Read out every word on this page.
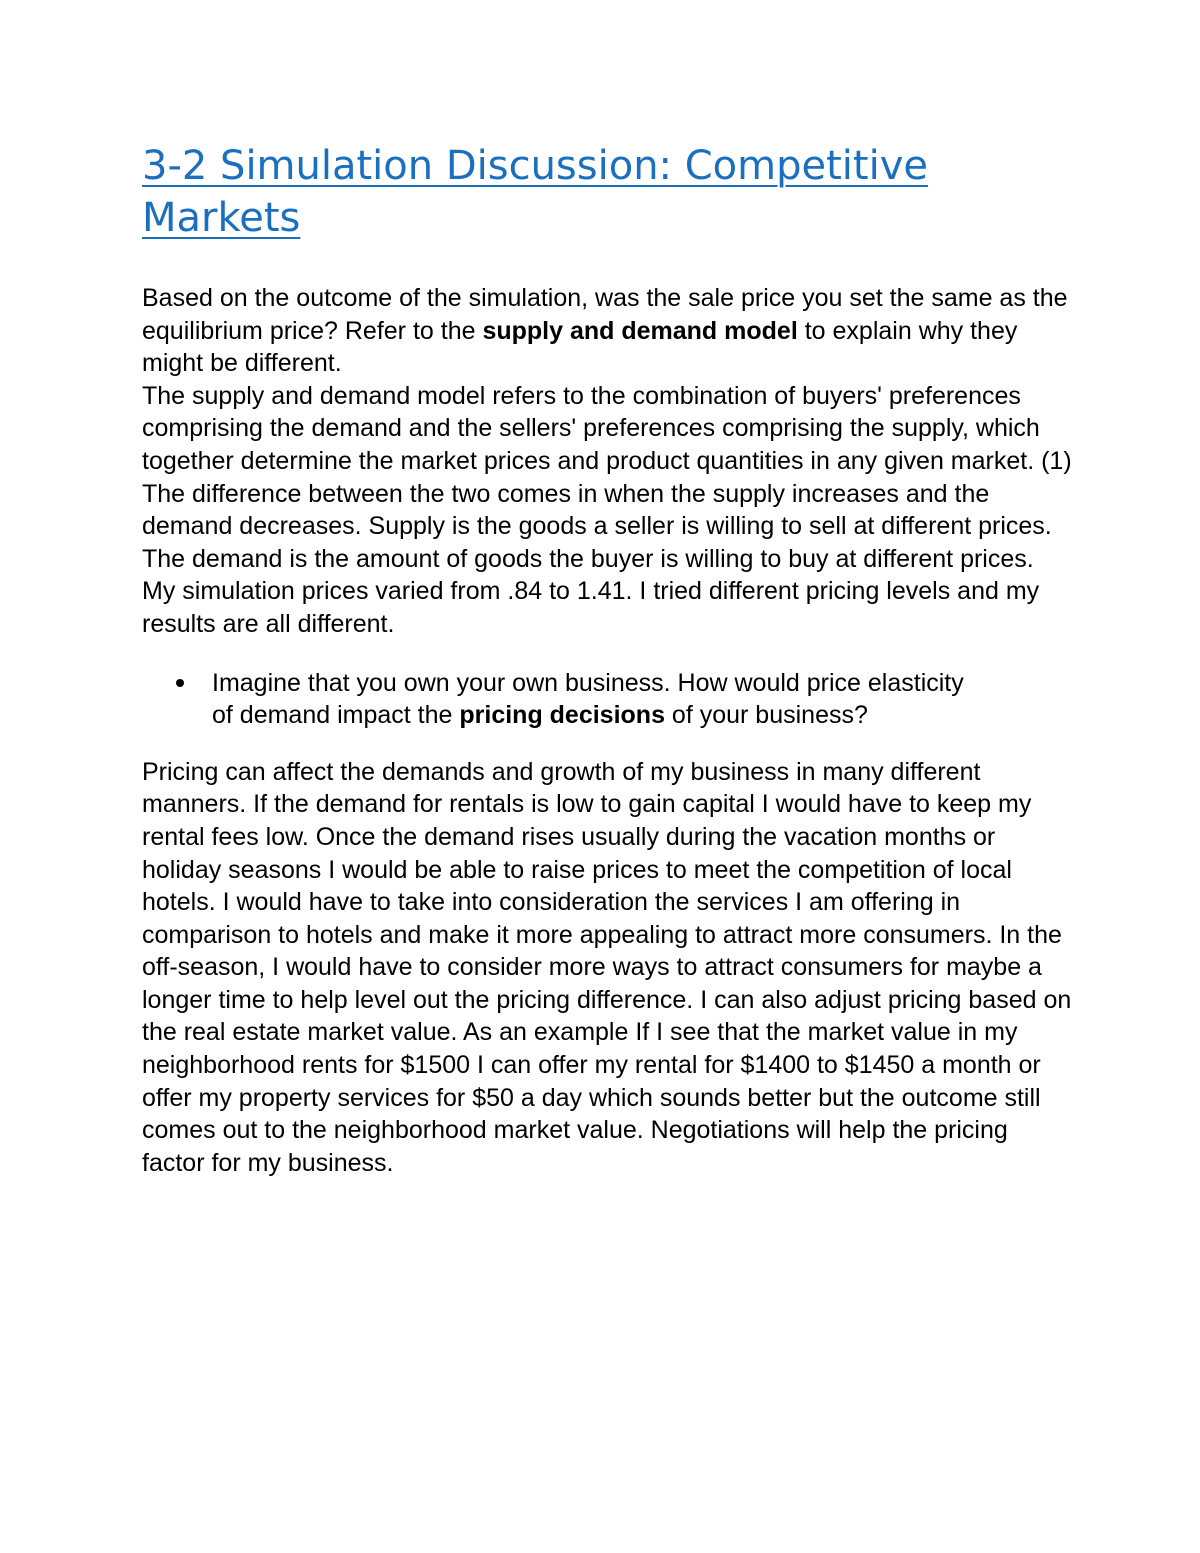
3-2 Simulation Discussion: Competitive Markets

Based on the outcome of the simulation, was the sale price you set the same as the equilibrium price? Refer to the supply and demand model to explain why they might be different.

The supply and demand model refers to the combination of buyers' preferences comprising the demand and the sellers' preferences comprising the supply, which together determine the market prices and product quantities in any given market. (1) The difference between the two comes in when the supply increases and the demand decreases. Supply is the goods a seller is willing to sell at different prices. The demand is the amount of goods the buyer is willing to buy at different prices. My simulation prices varied from .84 to 1.41. I tried different pricing levels and my results are all different.

Imagine that you own your own business. How would price elasticity of demand impact the pricing decisions of your business?

Pricing can affect the demands and growth of my business in many different manners. If the demand for rentals is low to gain capital I would have to keep my rental fees low. Once the demand rises usually during the vacation months or holiday seasons I would be able to raise prices to meet the competition of local hotels. I would have to take into consideration the services I am offering in comparison to hotels and make it more appealing to attract more consumers. In the off-season, I would have to consider more ways to attract consumers for maybe a longer time to help level out the pricing difference. I can also adjust pricing based on the real estate market value. As an example If I see that the market value in my neighborhood rents for $1500 I can offer my rental for $1400 to $1450 a month or offer my property services for $50 a day which sounds better but the outcome still comes out to the neighborhood market value. Negotiations will help the pricing factor for my business.
